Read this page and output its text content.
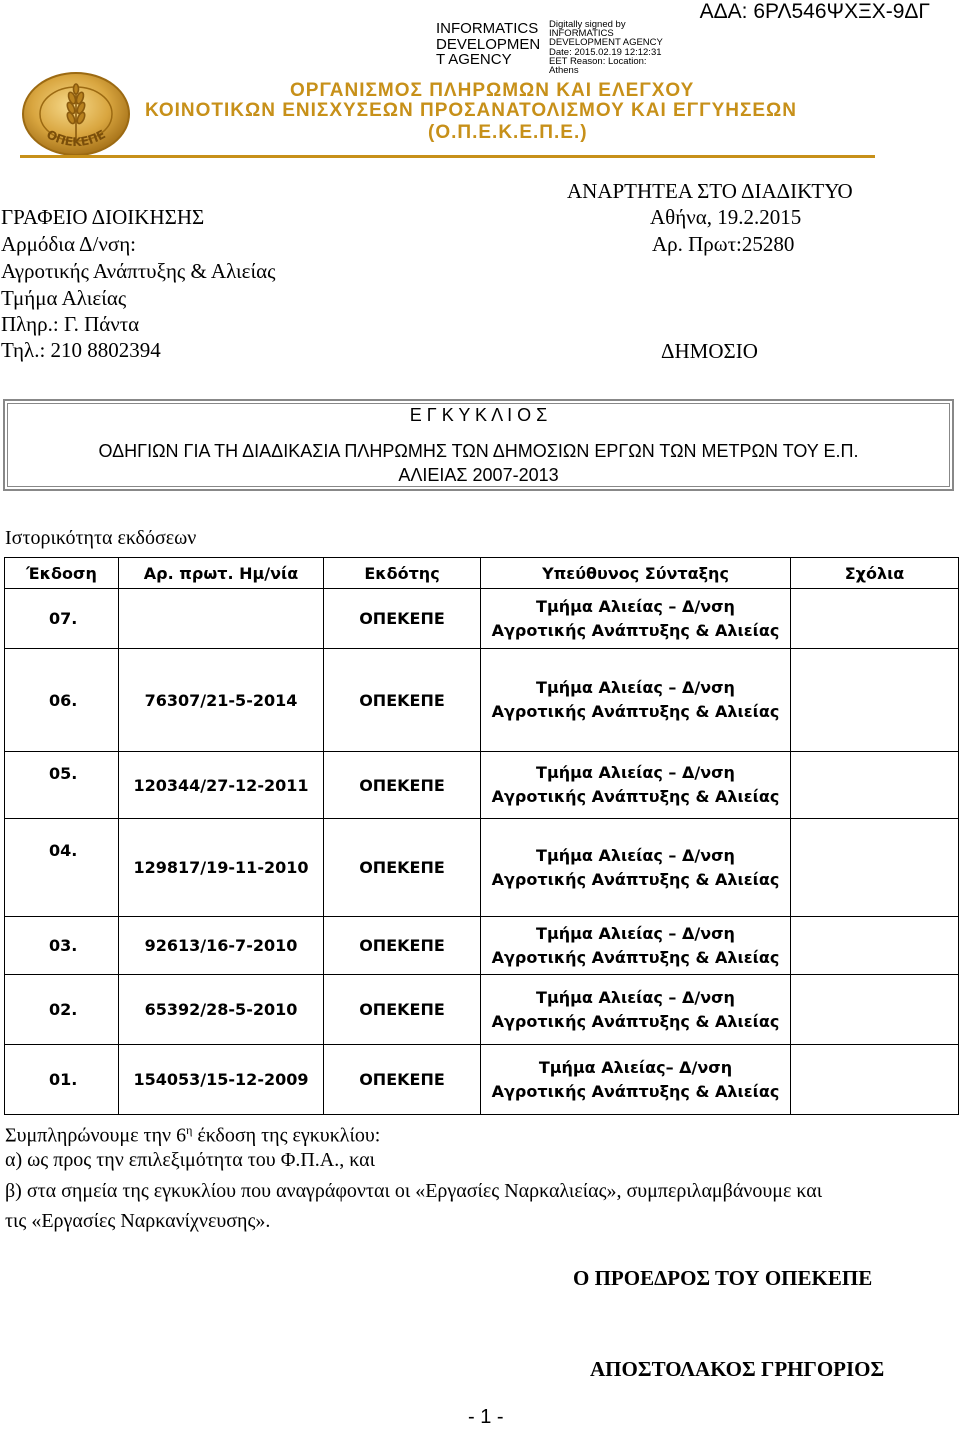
ΑΔΑ: 6ΡΛ546ΨΧΞΧ-9ΔΓ
INFORMATICS DEVELOPMEN T AGENCY
Digitally signed by INFORMATICS DEVELOPMENT AGENCY Date: 2015.02.19 12:12:31 EET Reason: Location: Athens
ΟΠΕΚΕΠΕ
ΟΡΓΑΝΙΣΜΟΣ ΠΛΗΡΩΜΩΝ ΚΑΙ ΕΛΕΓΧΟΥ
ΚΟΙΝΟΤΙΚΩΝ ΕΝΙΣΧΥΣΕΩΝ ΠΡΟΣΑΝΑΤΟΛΙΣΜΟΥ ΚΑΙ ΕΓΓΥΗΣΕΩΝ
(Ο.Π.Ε.Κ.Ε.Π.Ε.)
ΑΝΑΡΤΗΤΕΑ ΣΤΟ ΔΙΑΔΙΚΤΥΟ
ΓΡΑΦΕΙΟ ΔΙΟΙΚΗΣΗΣ	Αθήνα, 19.2.2015
Αρμόδια Δ/νση:	Αρ. Πρωτ:25280
Αγροτικής Ανάπτυξης & Αλιείας
Τμήμα Αλιείας
Πληρ.: Γ. Πάντα
Τηλ.: 210 8802394	ΔΗΜΟΣΙΟ
Ε Γ Κ Υ Κ Λ Ι Ο Σ
ΟΔΗΓΙΩΝ ΓΙΑ ΤΗ ΔΙΑΔΙΚΑΣΙΑ ΠΛΗΡΩΜΗΣ ΤΩΝ ΔΗΜΟΣΙΩΝ ΕΡΓΩΝ ΤΩΝ ΜΕΤΡΩΝ ΤΟΥ Ε.Π.
ΑΛΙΕΙΑΣ 2007-2013
Ιστορικότητα εκδόσεων
Έκδοση	Αρ. πρωτ. Ημ/νία	Εκδότης	Υπεύθυνος Σύνταξης	Σχόλια
07.		ΟΠΕΚΕΠΕ	Τμήμα Αλιείας – Δ/νση
Αγροτικής Ανάπτυξης & Αλιείας	

06.	76307/21-5-2014	ΟΠΕΚΕΠΕ	Τμήμα Αλιείας – Δ/νση
Αγροτικής Ανάπτυξης & Αλιείας	

05.	120344/27-12-2011	ΟΠΕΚΕΠΕ	Τμήμα Αλιείας – Δ/νση
Αγροτικής Ανάπτυξης & Αλιείας	

04.	129817/19-11-2010	ΟΠΕΚΕΠΕ	Τμήμα Αλιείας – Δ/νση
Αγροτικής Ανάπτυξης & Αλιείας	

03.	92613/16-7-2010	ΟΠΕΚΕΠΕ	Τμήμα Αλιείας – Δ/νση
Αγροτικής Ανάπτυξης & Αλιείας	

02.	65392/28-5-2010	ΟΠΕΚΕΠΕ	Τμήμα Αλιείας – Δ/νση
Αγροτικής Ανάπτυξης & Αλιείας	

01.	154053/15-12-2009	ΟΠΕΚΕΠΕ	Τμήμα Αλιείας– Δ/νση
Αγροτικής Ανάπτυξης & Αλιείας	

Συμπληρώνουμε την $6^\eta$ έκδοση της εγκυκλίου:
α) ως προς την επιλεξιμότητα του Φ.Π.Α., και
β) στα σημεία της εγκυκλίου που αναγράφονται οι «Εργασίες Ναρκαλιείας», συμπεριλαμβάνουμε και
τις «Εργασίες Ναρκανίχνευσης».
Ο ΠΡΟΕΔΡΟΣ ΤΟΥ ΟΠΕΚΕΠΕ
ΑΠΟΣΤΟΛΑΚΟΣ ΓΡΗΓΟΡΙΟΣ
- 1 -
